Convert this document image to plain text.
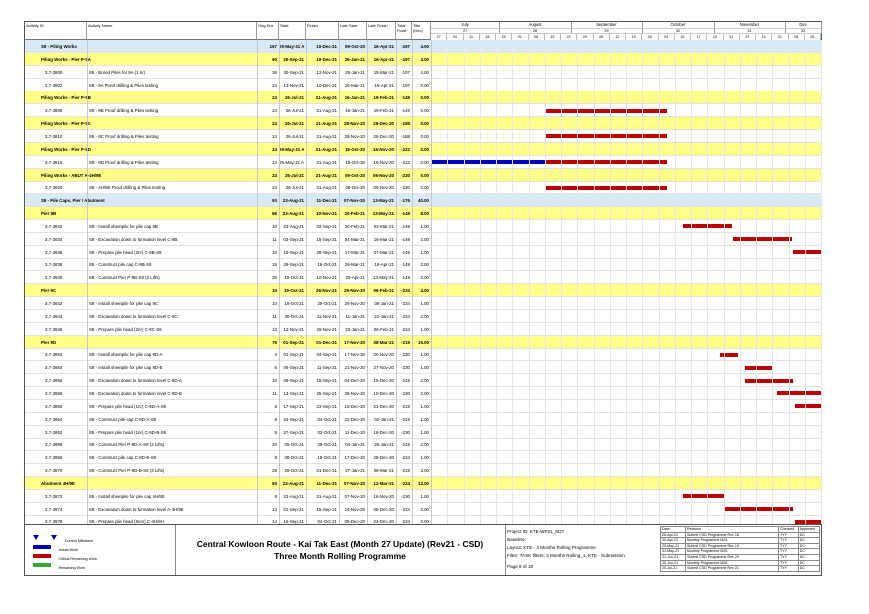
Activity ID	Activity Name	Orig Dur	Start	Finish	Late Start	Late Finish	Total Float
Title (Dec)
July
27
August
28
September
29
October
30
November
31
Dec
32
27	04	11	18	25	01	08	15	22	29	05	12	19	26	03	10	17	24	31	07	14	21	28	05
S9 - Piling Works	167 25-May-21 A	10-Dec-21	09-Oct-20	16-Apr-21	-197	4.00
Piling Works - Pier P-9A	60	30-Sep-21	10-Dec-21	26-Jan-21	16-Apr-21	-197	4.00
3.7-3800	S9 - Bored Piles for 9A (1 nr)	36	30-Sep-21	12-Nov-21	26-Jan-21	15-Mar-21	-197	4.00
3.7-3802	S9 - 9A Proof drilling & Piles testing	24	13-Nov-21	10-Dec-21	16-Mar-21	16-Apr-21	-197	0.00
Piling Works - Pier P-9B	24	26-Jul-21	21-Aug-21	16-Jan-21	19-Feb-21	-149	0.00
3.7-3806	S9 - 9B Proof drilling & Piles testing	24	26-Jul-21	21-Aug-21	16-Jan-21	19-Feb-21	-149	0.00
Piling Works - Pier P-9C	24	26-Jul-21	21-Aug-21	28-Nov-20	26-Dec-20	-188	0.00
3.7-3810	S9 - 9C Proof drilling & Piles testing	24	26-Jul-21	21-Aug-21	28-Nov-20	26-Dec-20	-188	0.00
Piling Works - Pier P-9D	24 25-May-21 A	21-Aug-21	19-Oct-20	16-Nov-20	-222	0.00
3.7-3816	S9 - 9D Proof drilling & Piles testing	24 25-May-21 A	21-Aug-21	19-Oct-20	16-Nov-20	-222	0.00
Piling Works - ABUT A-4H/9E	24	26-Jul-21	21-Aug-21	09-Oct-20	06-Nov-20	-230	0.00
3.7-3820	S9 - 4H/9E Proof drilling & Piles testing	24	26-Jul-21	21-Aug-21	09-Oct-20	06-Nov-20	-230	0.00
S9 - Pile Caps, Pier / Abutment	93	23-Aug-21	11-Dec-21	07-Nov-20	13-May-21	-176	40.00
Pier 9B	66	23-Aug-21	10-Nov-21	20-Feb-21	13-May-21	-149	8.00
3.7-3832	S9 - Install sheetpile for pile cap 9B	10	23-Aug-21	02-Sep-21	20-Feb-21	03-Mar-21	-149	1.00
3.7-3834	S9 - Excavation down to formation level C-9B	11	03-Sep-21	15-Sep-21	04-Mar-21	16-Mar-21	-149	2.00
3.7-3836	S9 - Prepare pile head (2nr) C-9B-S9	10	16-Sep-21	28-Sep-21	17-Mar-21	27-Mar-21	-149	1.00
3.7-3838	S9 - Construct pile cap C-9B-S9	15	29-Sep-21	18-Oct-21	29-Mar-21	19-Apr-21	-149	2.00
3.7-3840	S9 - Construct Pier P-9B-S9 (2 Lifts)	20	19-Oct-21	10-Nov-21	20-Apr-21	13-May-21	-149	2.00
Pier 9C	34	19-Oct-21	26-Nov-21	29-Nov-20	06-Feb-21	-234	4.00
3.7-3842	S9 - Install sheetpile for pile cap 9C	10	19-Oct-21	29-Oct-21	29-Nov-20	09-Jan-21	-234	1.00
3.7-3844	S9 - Excavation down to formation level C-9C	11	30-Oct-21	11-Nov-21	11-Jan-21	22-Jan-21	-234	2.00
3.7-3846	S9 - Prepare pile head (2nr) C-9C-S9	13	12-Nov-21	26-Nov-21	23-Jan-21	06-Feb-21	-234	1.00
Pier 9D	76	01-Sep-21	01-Dec-21	17-Nov-20	08-Mar-21	-219	15.00
3.7-3852	S9 - Install sheetpile for pile cap 9D-A	4	01-Sep-21	04-Sep-21	17-Nov-20	20-Nov-20	-230	1.00
3.7-3854	S9 - Install sheetpile for pile cap 9D-B	6	06-Sep-21	11-Sep-21	21-Nov-20	27-Nov-20	-230	1.00
3.7-3856	S9 - Excavation down to formation level C-9D-A	10	06-Sep-21	16-Sep-21	04-Dec-20	15-Dec-20	-219	2.00
3.7-3858	S9 - Excavation down to formation level C-9D-B	11	13-Sep-21	25-Sep-21	28-Nov-20	10-Dec-20	-230	2.00
3.7-3860	S9 - Prepare pile head (1nr) C-9D-A-S9	5	17-Sep-21	23-Sep-21	16-Dec-20	21-Dec-20	-219	1.00
3.7-3864	S9 - Construct pile cap C-9D-A-S9	8	24-Sep-21	04-Oct-21	22-Dec-20	02-Jan-21	-219	1.00
3.7-3862	S9 - Prepare pile head (1nr) C-9D-B-S9	5	27-Sep-21	02-Oct-21	11-Dec-20	16-Dec-20	-230	1.00
3.7-3868	S9 - Construct Pier P-9D-A-S9 (2 Lifts)	20	05-Oct-21	28-Oct-21	04-Jan-21	26-Jan-21	-219	2.00
3.7-3866	S9 - Construct pile cap C-9D-B-S9	8	08-Oct-21	18-Oct-21	17-Dec-20	28-Dec-20	-234	1.00
3.7-3870	S9 - Construct Pier P-9D-B-S9 (3 Lifts)	29	29-Oct-21	01-Dec-21	27-Jan-21	08-Mar-21	-219	3.00
Abutment 4H/9E	93	23-Aug-21	11-Dec-21	07-Nov-20	12-Mar-21	-224	13.00
3.7-3872	S9 - Install sheetpile for pile cap 4H/9E	8	23-Aug-21	31-Aug-21	07-Nov-20	16-Nov-20	-230	1.00
3.7-3874	S9 - Excavation down to formation level A-4H/9E	13	01-Sep-21	15-Sep-21	24-Nov-20	08-Dec-20	-224	2.00
3.7-3878	S9 - Prepare pile head (6nrs) C-4H/9H	14	16-Sep-21	04-Oct-21	09-Dec-20	24-Dec-20	-224	2.00
Current Milestone
Actual Work
Critical Remaining Work
Remaining Work
Central Kowloon Route - Kai Tak East (Month 27 Update) (Rev21 - CSD)
Three Month Rolling Programme
Project ID: KTE-WP21_M27
Baseline:
Layout: KTE - 3 Months Rolling Programme
Filter: TASK filters: 3 Months Rolling_1, KTE - Submission.
Page 8 of 18
Date	Revision	Checked	Approved
26-Apr-21	Submit CSD Programme Rev 18	TYY	DC
30-Apr-21	Monthly Programme M24	TYY	DC
20-May-21	Submit CSD Programme Rev 19	TYY	DC
31-May-21	Monthly Programme M25	TYY	DC
21-Jun-21	Submit CSD Programme Rev 20	TYY	DC
30-Jun-21	Monthly Programme M26	TYY	DC
20-Jul-21	Submit CSD Programme Rev 21	TYY	DC
